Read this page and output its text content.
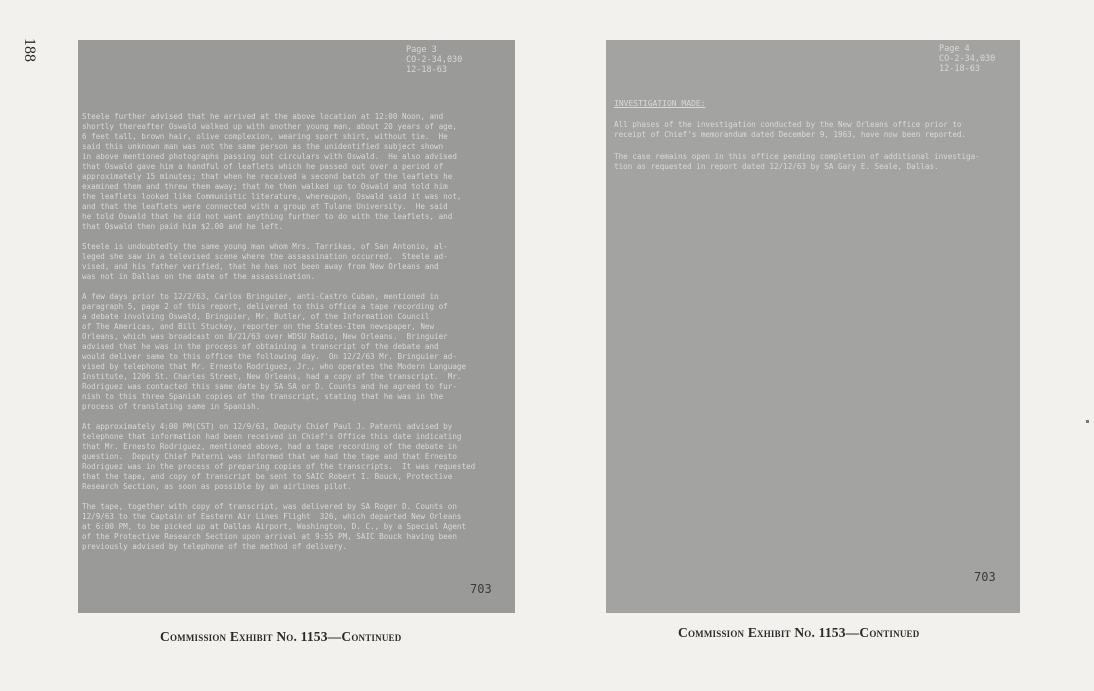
188	Page 3
CO-2-34,030
12-18-63
Steele further advised that he arrived at the above location at 12:00 Noon, and
shortly thereafter Oswald walked up with another young man, about 20 years of age,
6 feet tall, brown hair, olive complexion, wearing sport shirt, without tie.  He
said this unknown man was not the same person as the unidentified subject shown
in above mentioned photographs passing out circulars with Oswald.  He also advised
that Oswald gave him a handful of leaflets which he passed out over a period of
approximately 15 minutes; that when he received a second batch of the leaflets he
examined them and threw them away; that he then walked up to Oswald and told him
the leaflets looked like Communistic literature, whereupon, Oswald said it was not,
and that the leaflets were connected with a group at Tulane University.  He said
he told Oswald that he did not want anything further to do with the leaflets, and
that Oswald then paid him $2.00 and he left.

Steele is undoubtedly the same young man whom Mrs. Tarrikas, of San Antonio, al-
leged she saw in a televised scene where the assassination occurred.  Steele ad-
vised, and his father verified, that he has not been away from New Orleans and
was not in Dallas on the date of the assassination.

A few days prior to 12/2/63, Carlos Bringuier, anti-Castro Cuban, mentioned in
paragraph 5, page 2 of this report, delivered to this office a tape recording of
a debate involving Oswald, Bringuier, Mr. Butler, of the Information Council
of The Americas, and Bill Stuckey, reporter on the States-Item newspaper, New
Orleans, which was broadcast on 8/21/63 over WDSU Radio, New Orleans.  Bringuier
advised that he was in the process of obtaining a transcript of the debate and
would deliver same to this office the following day.  On 12/2/63 Mr. Bringuier ad-
vised by telephone that Mr. Ernesto Rodriguez, Jr., who operates the Modern Language
Institute, 1206 St. Charles Street, New Orleans, had a copy of the transcript.  Mr.
Rodriguez was contacted this same date by SA SA or D. Counts and he agreed to fur-
nish to this three Spanish copies of the transcript, stating that he was in the
process of translating same in Spanish.

At approximately 4:00 PM(CST) on 12/9/63, Deputy Chief Paul J. Paterni advised by
telephone that information had been received in Chief's Office this date indicating
that Mr. Ernesto Rodriguez, mentioned above, had a tape recording of the debate in
question.  Deputy Chief Paterni was informed that we had the tape and that Ernesto
Rodriguez was in the process of preparing copies of the transcripts.  It was requested
that the tape, and copy of transcript be sent to SAIC Robert I. Bouck, Protective
Research Section, as soon as possible by an airlines pilot.

The tape, together with copy of transcript, was delivered by SA Roger D. Counts on
12/9/63 to the Captain of Eastern Air Lines Flight  326, which departed New Orleans
at 6:00 PM, to be picked up at Dallas Airport, Washington, D. C., by a Special Agent
of the Protective Research Section upon arrival at 9:55 PM, SAIC Bouck having been
previously advised by telephone of the method of delivery.
703
Page 4
CO-2-34,030
12-18-63
INVESTIGATION MADE:
All phases of the investigation conducted by the New Orleans office prior to
receipt of Chief's memorandum dated December 9, 1963, have now been reported.
The case remains open in this office pending completion of additional investiga-
tion as requested in report dated 12/12/63 by SA Gary E. Seale, Dallas.
703
Commission Exhibit No. 1153—Continued	Commission Exhibit No. 1153—Continued
